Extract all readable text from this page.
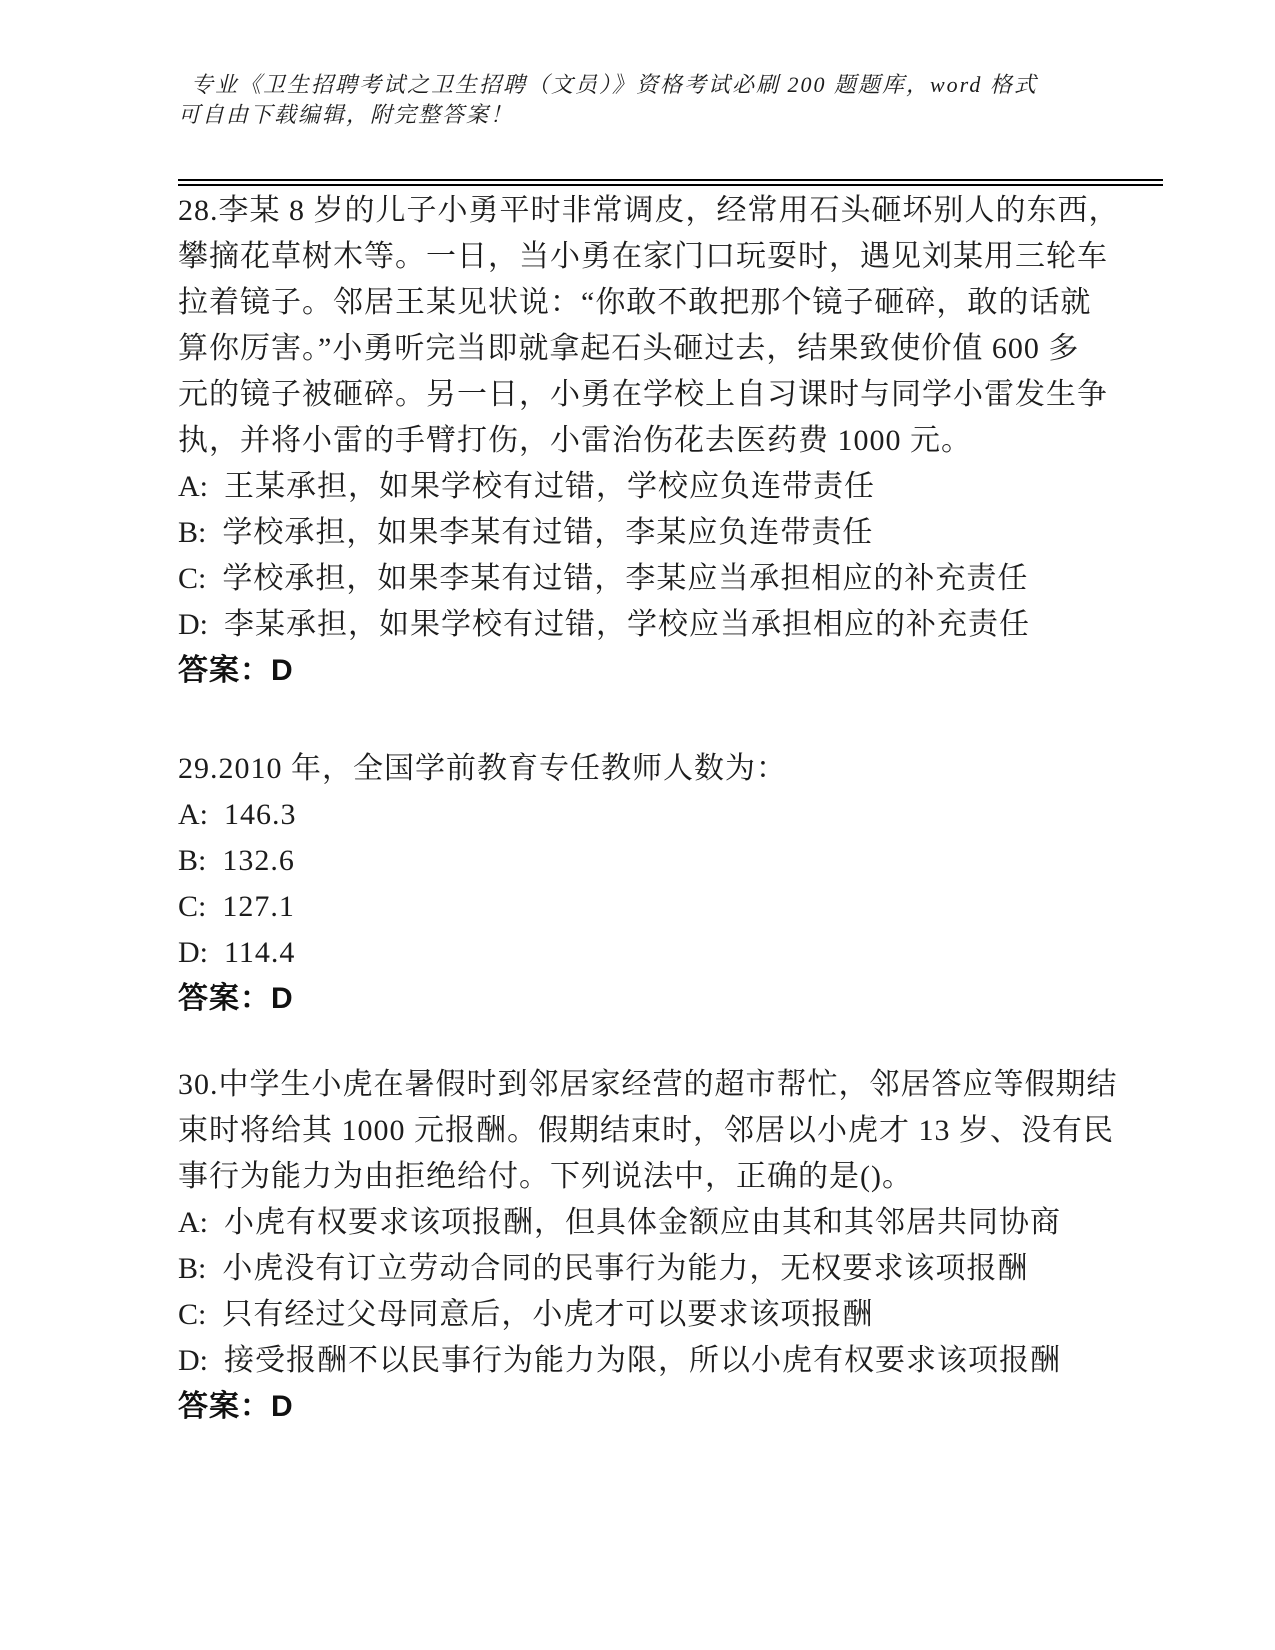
专业《卫生招聘考试之卫生招聘（文员）》资格考试必刷 200 题题库，word 格式
可自由下载编辑，附完整答案！
28.李某 8 岁的儿子小勇平时非常调皮，经常用石头砸坏别人的东西，
攀摘花草树木等。一日，当小勇在家门口玩耍时，遇见刘某用三轮车
拉着镜子。邻居王某见状说：“你敢不敢把那个镜子砸碎，敢的话就
算你厉害。”小勇听完当即就拿起石头砸过去，结果致使价值 600 多
元的镜子被砸碎。另一日，小勇在学校上自习课时与同学小雷发生争
执，并将小雷的手臂打伤，小雷治伤花去医药费 1000 元。
A: 王某承担，如果学校有过错，学校应负连带责任
B: 学校承担，如果李某有过错，李某应负连带责任
C: 学校承担，如果李某有过错，李某应当承担相应的补充责任
D: 李某承担，如果学校有过错，学校应当承担相应的补充责任
答案：D
29.2010 年，全国学前教育专任教师人数为：
A: 146.3
B: 132.6
C: 127.1
D: 114.4
答案：D
30.中学生小虎在暑假时到邻居家经营的超市帮忙，邻居答应等假期结
束时将给其 1000 元报酬。假期结束时，邻居以小虎才 13 岁、没有民
事行为能力为由拒绝给付。下列说法中，正确的是()。
A: 小虎有权要求该项报酬，但具体金额应由其和其邻居共同协商
B: 小虎没有订立劳动合同的民事行为能力，无权要求该项报酬
C: 只有经过父母同意后，小虎才可以要求该项报酬
D: 接受报酬不以民事行为能力为限，所以小虎有权要求该项报酬
答案：D
